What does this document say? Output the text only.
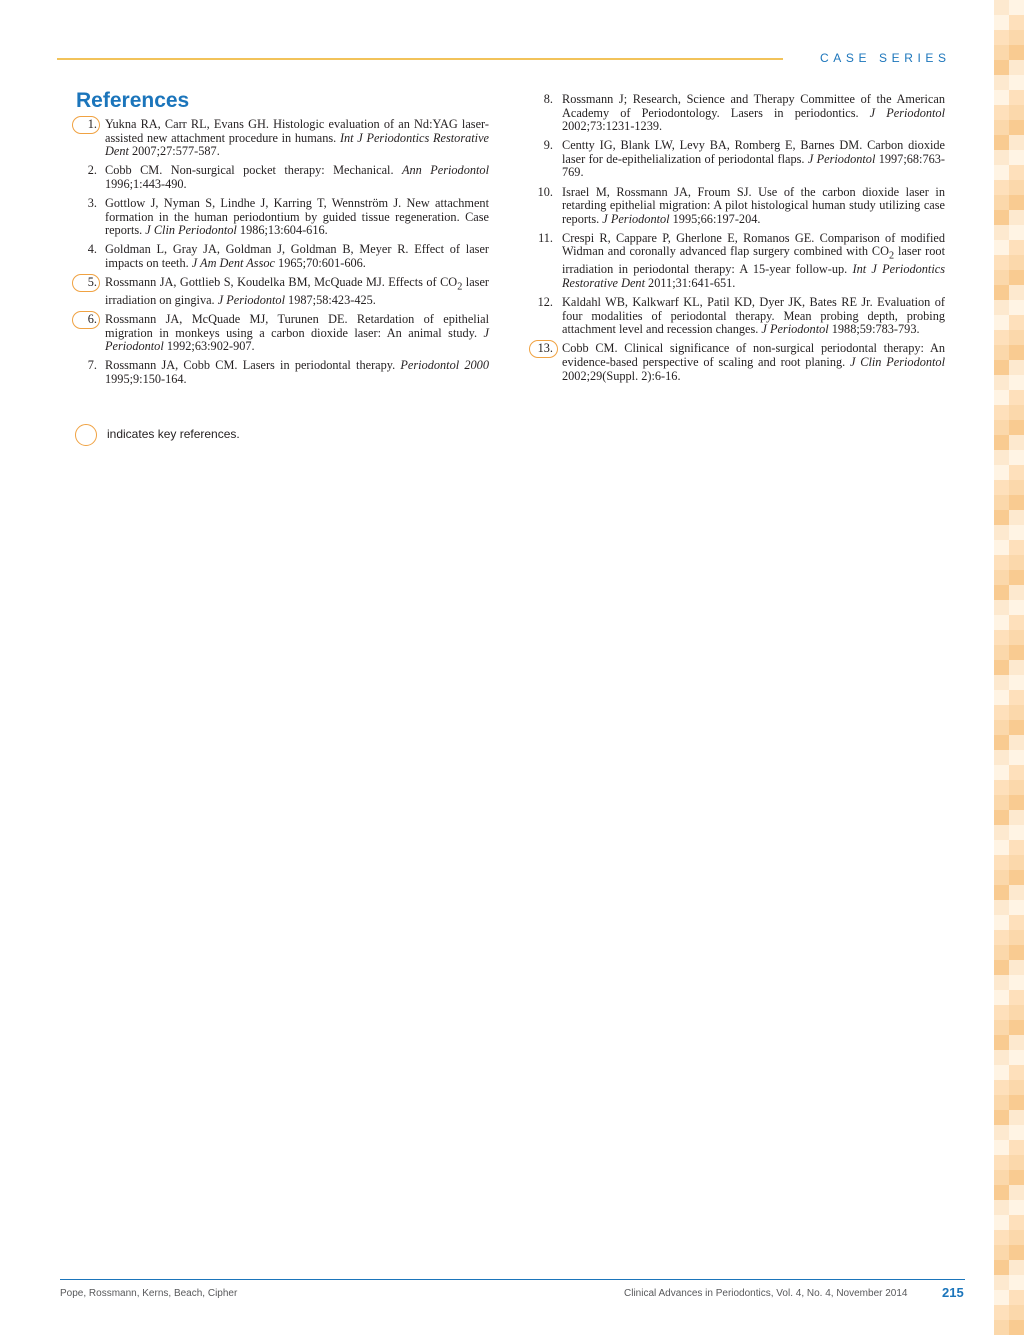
CASE SERIES
References
1. Yukna RA, Carr RL, Evans GH. Histologic evaluation of an Nd:YAG laser-assisted new attachment procedure in humans. Int J Periodontics Restorative Dent 2007;27:577-587.
2. Cobb CM. Non-surgical pocket therapy: Mechanical. Ann Periodontol 1996;1:443-490.
3. Gottlow J, Nyman S, Lindhe J, Karring T, Wennström J. New attachment formation in the human periodontium by guided tissue regeneration. Case reports. J Clin Periodontol 1986;13:604-616.
4. Goldman L, Gray JA, Goldman J, Goldman B, Meyer R. Effect of laser impacts on teeth. J Am Dent Assoc 1965;70:601-606.
5. Rossmann JA, Gottlieb S, Koudelka BM, McQuade MJ. Effects of $CO_2$ laser irradiation on gingiva. J Periodontol 1987;58:423-425.
6. Rossmann JA, McQuade MJ, Turunen DE. Retardation of epithelial migration in monkeys using a carbon dioxide laser: An animal study. J Periodontol 1992;63:902-907.
7. Rossmann JA, Cobb CM. Lasers in periodontal therapy. Periodontol 2000 1995;9:150-164.
8. Rossmann J; Research, Science and Therapy Committee of the American Academy of Periodontology. Lasers in periodontics. J Periodontol 2002;73:1231-1239.
9. Centty IG, Blank LW, Levy BA, Romberg E, Barnes DM. Carbon dioxide laser for de-epithelialization of periodontal flaps. J Periodontol 1997;68:763-769.
10. Israel M, Rossmann JA, Froum SJ. Use of the carbon dioxide laser in retarding epithelial migration: A pilot histological human study utilizing case reports. J Periodontol 1995;66:197-204.
11. Crespi R, Cappare P, Gherlone E, Romanos GE. Comparison of modified Widman and coronally advanced flap surgery combined with $CO_2$ laser root irradiation in periodontal therapy: A 15-year follow-up. Int J Periodontics Restorative Dent 2011;31:641-651.
12. Kaldahl WB, Kalkwarf KL, Patil KD, Dyer JK, Bates RE Jr. Evaluation of four modalities of periodontal therapy. Mean probing depth, probing attachment level and recession changes. J Periodontol 1988;59:783-793.
13. Cobb CM. Clinical significance of non-surgical periodontal therapy: An evidence-based perspective of scaling and root planing. J Clin Periodontol 2002;29(Suppl. 2):6-16.
indicates key references.
Pope, Rossmann, Kerns, Beach, Cipher	Clinical Advances in Periodontics, Vol. 4, No. 4, November 2014	215
